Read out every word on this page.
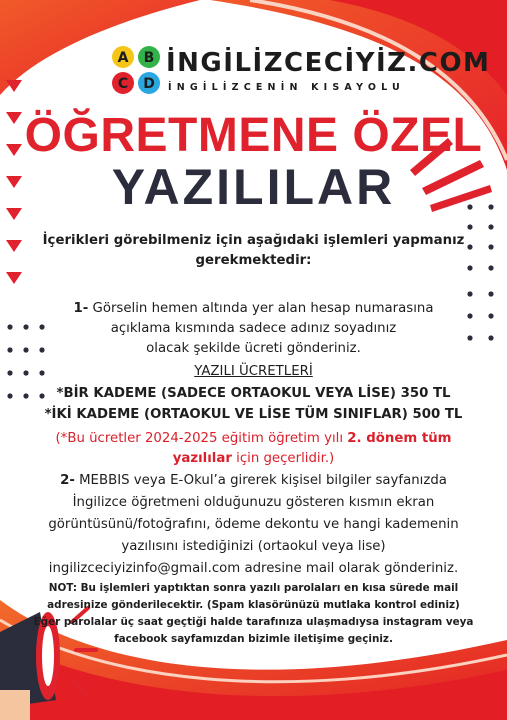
A B
C D
İNGİLİZCECİYİZ.COM
İNGİLİZCENİN KISAYOLU
ÖĞRETMENE ÖZEL
YAZILILAR
İçerikleri görebilmeniz için aşağıdaki işlemleri yapmanız
gerekmektedir:
1- Görselin hemen altında yer alan hesap numarasına
açıklama kısmında sadece adınız soyadınız
olacak şekilde ücreti gönderiniz.
YAZILI ÜCRETLERİ
*BİR KADEME (SADECE ORTAOKUL VEYA LİSE) 350 TL
*İKİ KADEME (ORTAOKUL VE LİSE TÜM SINIFLAR) 500 TL
(*Bu ücretler 2024-2025 eğitim öğretim yılı 2. dönem tüm
yazılılar için geçerlidir.)
2- MEBBIS veya E-Okul’a girerek kişisel bilgiler sayfanızda
İngilizce öğretmeni olduğunuzu gösteren kısmın ekran
görüntüsünü/fotoğrafını, ödeme dekontu ve hangi kademenin
yazılısını istediğinizi (ortaokul veya lise)
ingilizceciyizinfo@gmail.com adresine mail olarak gönderiniz.
NOT: Bu işlemleri yaptıktan sonra yazılı parolaları en kısa sürede mail
adresinize gönderilecektir. (Spam klasörünüzü mutlaka kontrol ediniz)
Eğer parolalar üç saat geçtiği halde tarafınıza ulaşmadıysa instagram veya
facebook sayfamızdan bizimle iletişime geçiniz.
